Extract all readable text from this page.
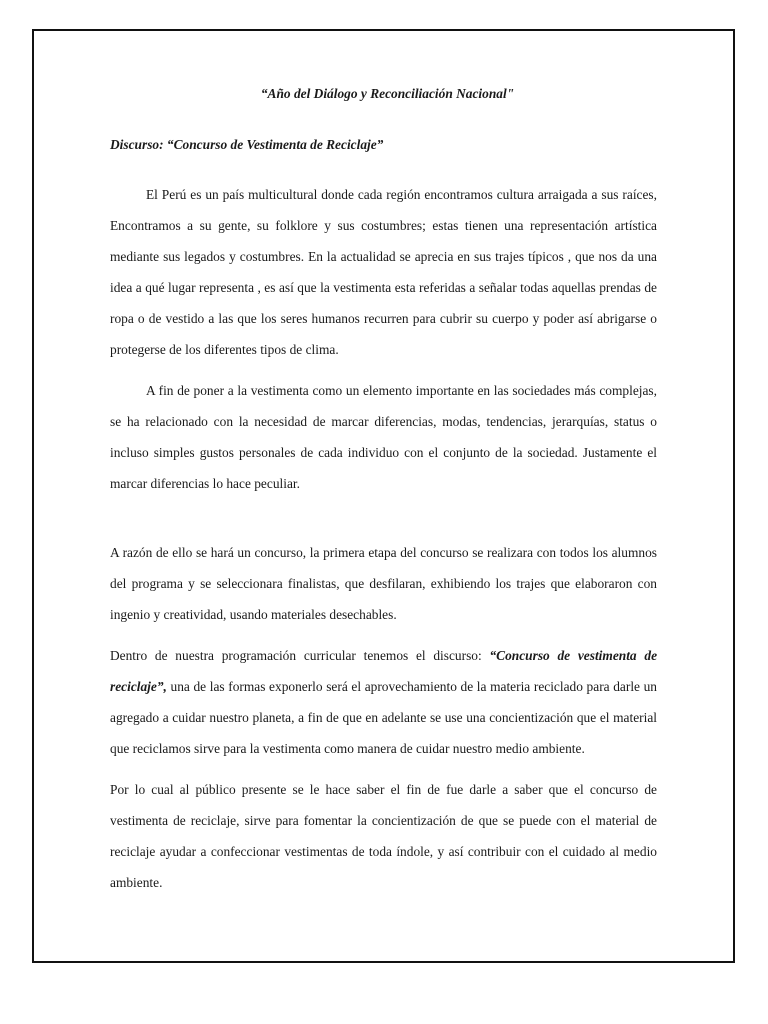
“Año del Diálogo y Reconciliación Nacional"
Discurso: “Concurso de Vestimenta de Reciclaje”

El Perú es un país multicultural donde cada región encontramos cultura arraigada a sus raíces, Encontramos a su gente, su folklore y sus costumbres; estas tienen una representación artística mediante sus legados y costumbres. En la actualidad se aprecia en sus trajes típicos , que nos da una idea a qué lugar representa , es así que la vestimenta esta referidas a señalar todas aquellas prendas de ropa o de vestido a las que los seres humanos recurren para cubrir su cuerpo y poder así abrigarse o protegerse de los diferentes tipos de clima.

A fin de poner a la vestimenta como un elemento importante en las sociedades más complejas, se ha relacionado con la necesidad de marcar diferencias, modas, tendencias, jerarquías, status o incluso simples gustos personales de cada individuo con el conjunto de la sociedad. Justamente el marcar diferencias lo hace peculiar.

A razón de ello se hará un concurso, la primera etapa del concurso se realizara con todos los alumnos del programa y se seleccionara finalistas, que desfilaran, exhibiendo los trajes que elaboraron con ingenio y creatividad, usando materiales desechables.

Dentro de nuestra programación curricular tenemos el discurso: “Concurso de vestimenta de reciclaje”, una de las formas exponerlo será el aprovechamiento de la materia reciclado para darle un agregado a cuidar nuestro planeta, a fin de que en adelante se use una concientización que el material que reciclamos sirve para la vestimenta como manera de cuidar nuestro medio ambiente.

Por lo cual al público presente se le hace saber el fin de fue darle a saber que el concurso de vestimenta de reciclaje, sirve para fomentar la concientización de que se puede con el material de reciclaje ayudar a confeccionar vestimentas de toda índole, y así contribuir con el cuidado al medio ambiente.
